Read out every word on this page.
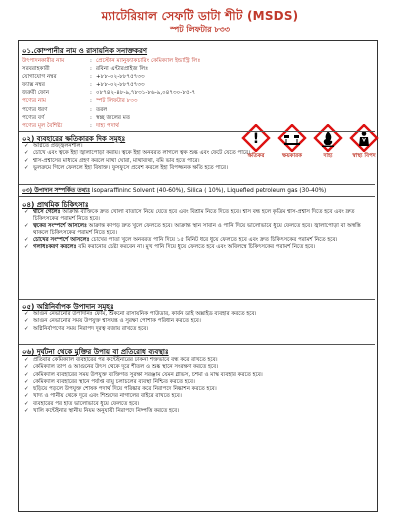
ম্যাটেরিয়াল সেফটি ডাটা শীট (MSDS)
স্পট লিফটার ৮৩৩
০১.কোম্পানীর নাম ও রাসায়নিক সনাক্তকরণ
উৎপাদনকারীর নাম	: প্রেস্টোন ম্যানুফ্যাকচারিং কেমিক্যাল ইন্ডাস্ট্রি লিঃ
সরবরাহকারী	: রবিনা এন্টারপ্রাইজ লিঃ
যোগাযোগ নম্বর	: +৮৮-০২-৮৮৭৫৭৩৩
ফ্যাক্স নম্বর	: +৮৮-০২-৮৮৭৫৭৩৩
জরুরী ফোন	: ০৮৭৪২-৪৮-৯,৭৮৩১-৮৬-৯,০৪৭৩০-৮৫-৭
পণ্যের নাম	: স্পট লিফটার ৮৩৩
পণ্যের ধরণ	: তরল
পণ্যের বর্ণ	: স্বচ্ছ জলের মত
পণ্যের মূল বৈশিষ্ট্য	: দাহ্য পদার্থ
!
ক্ষতিকর	ক্ষয়কারক	দাহ্য	স্বাস্থ্য বিপদ
০২) ব্যবহারের ক্ষতিকারক দিক সমূহঃ
✓ অগ্নিতে প্রজ্জ্বলনশীল।
✓ চোখে এবং ত্বকে ইহা জ্বালাপোড়া করায়। ত্বকে ইহা অনবরত লাগলে ত্বক শুষ্ক এবং ফেটে যেতে পারে।
✓ শ্বাস-প্রশ্বাসের মাধ্যমে গ্রহণ করলে মাথা ঘোরা, মাথাব্যথা, বমি ভাব হতে পারে।
✓ ভুলক্রমে গিলে ফেললে ইহা বিষাক্ত। ফুসফুসে প্রবেশ করলে ইহা বিপজ্জনক ক্ষতি হতে পারে।
০৩) উপাদান সম্পর্কিত তথ্যঃ Isoparaffininc Solvent (40-60%), Silica ( 10%), Liquefied petroleum gas (30-40%)
০৪) প্রাথমিক চিকিৎসাঃ
✓ শ্বাসে গেলেঃ আক্রান্ত ব্যক্তিকে দ্রুত খোলা বাতাসে নিয়ে যেতে হবে এবং বিশ্রাম নিতে দিতে হবে। শ্বাস বন্ধ হলে কৃত্রিম শ্বাস-প্রশ্বাস দিতে হবে এবং দ্রুত চিকিৎসকের পরামর্শ নিতে হবে।
✓ ত্বকের সংস্পর্শে আসলেঃ আক্রান্ত কাপড় দ্রুত খুলে ফেলতে হবে। আক্রান্ত স্থান সাবান ও পানি দিয়ে ভালোভাবে ধুয়ে ফেলতে হবে। জ্বালাপোড়া বা অস্বস্তি থাকলে চিকিৎসকের পরামর্শ নিতে হবে।
✓ চোখের সংস্পর্শে আসলেঃ চোখের পাতা খুলে অনবরত পানি দিয়ে ১৫ মিনিট ধরে ধুয়ে ফেলতে হবে এবং দ্রুত চিকিৎসকের পরামর্শ নিতে হবে।
✓ গলাধঃকরণ করলেঃ বমি করানোর চেষ্টা করবেন না। মুখ পানি দিয়ে ধুয়ে ফেলতে হবে এবং অবিলম্বে চিকিৎসকের পরামর্শ নিতে হবে।
০৫) অগ্নিনির্বাপক উপাদান সমূহঃ
✓ আগুন নেভানোর উপাদানঃ ফোম, শুকনো রাসায়নিক পাউডার, কার্বন ডাই অক্সাইড ব্যবহার করতে হবে।
✓ আগুন নেভানোর সময় উপযুক্ত শ্বাসযন্ত্র ও সুরক্ষা পোশাক পরিধান করতে হবে।
✓ অগ্নিনির্বাপণের সময় নিরাপদ দূরত্ব বজায় রাখতে হবে।
০৬) দুর্ঘটনা থেকে মুক্তির উপায় বা প্রতিরোধ ব্যবস্থাঃ
✓ প্রতিবার কেমিক্যাল ব্যবহারের পর কন্টেইনারের ঢাকনা শক্তভাবে বন্ধ করে রাখতে হবে।
✓ কেমিক্যাল তাপ ও আগুনের উৎস থেকে দূরে শীতল ও শুষ্ক স্থানে সংরক্ষণ করতে হবে।
✓ কেমিক্যাল ব্যবহারের সময় উপযুক্ত ব্যক্তিগত সুরক্ষা সরঞ্জাম যেমন গ্লাভস, চশমা ও মাস্ক ব্যবহার করতে হবে।
✓ কেমিক্যাল ব্যবহারের স্থানে পর্যাপ্ত বায়ু চলাচলের ব্যবস্থা নিশ্চিত করতে হবে।
✓ ছড়িয়ে পড়লে উপযুক্ত শোষক পদার্থ দিয়ে পরিষ্কার করে নিরাপদে নিষ্কাশন করতে হবে।
✓ খাদ্য ও পানীয় থেকে দূরে এবং শিশুদের নাগালের বাইরে রাখতে হবে।
✓ ব্যবহারের পর হাত ভালোভাবে ধুয়ে ফেলতে হবে।
✓ খালি কন্টেইনার স্থানীয় নিয়ম অনুযায়ী নিরাপদে নিষ্পত্তি করতে হবে।
